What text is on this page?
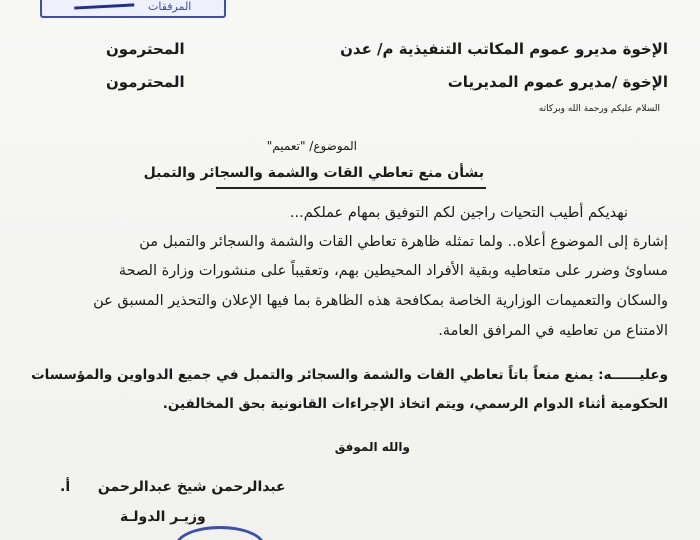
المرفقات
الإخوة مديرو عموم المكاتب التنفيذية م/ عدن
المحترمون
الإخوة /مديرو عموم المديريات
المحترمون
السلام عليكم ورحمة الله وبركاته
الموضوع/ "تعميم"
بشأن منع تعاطي القات والشمة والسجائر والتمبل
نهديكم أطيب التحيات راجين لكم التوفيق بمهام عملكم...
إشارة إلى الموضوع أعلاه.. ولما تمثله ظاهرة تعاطي القات والشمة والسجائر والتمبل من
مساوئ وضرر على متعاطيه وبقية الأفراد المحيطين بهم، وتعقيباً على منشورات وزارة الصحة
والسكان والتعميمات الوزارية الخاصة بمكافحة هذه الظاهرة بما فيها الإعلان والتحذير المسبق عن
الامتناع من تعاطيه في المرافق العامة.
وعليــــــه: يمنع منعاً باتاً تعاطي القات والشمة والسجائر والتمبل في جميع الدواوين والمؤسسات
الحكومية أثناء الدوام الرسمي، ويتم اتخاذ الإجراءات القانونية بحق المخالفين.
والله الموفق
عبدالرحمن شيخ عبدالرحمن  أ.
وزيـر الدولـة
